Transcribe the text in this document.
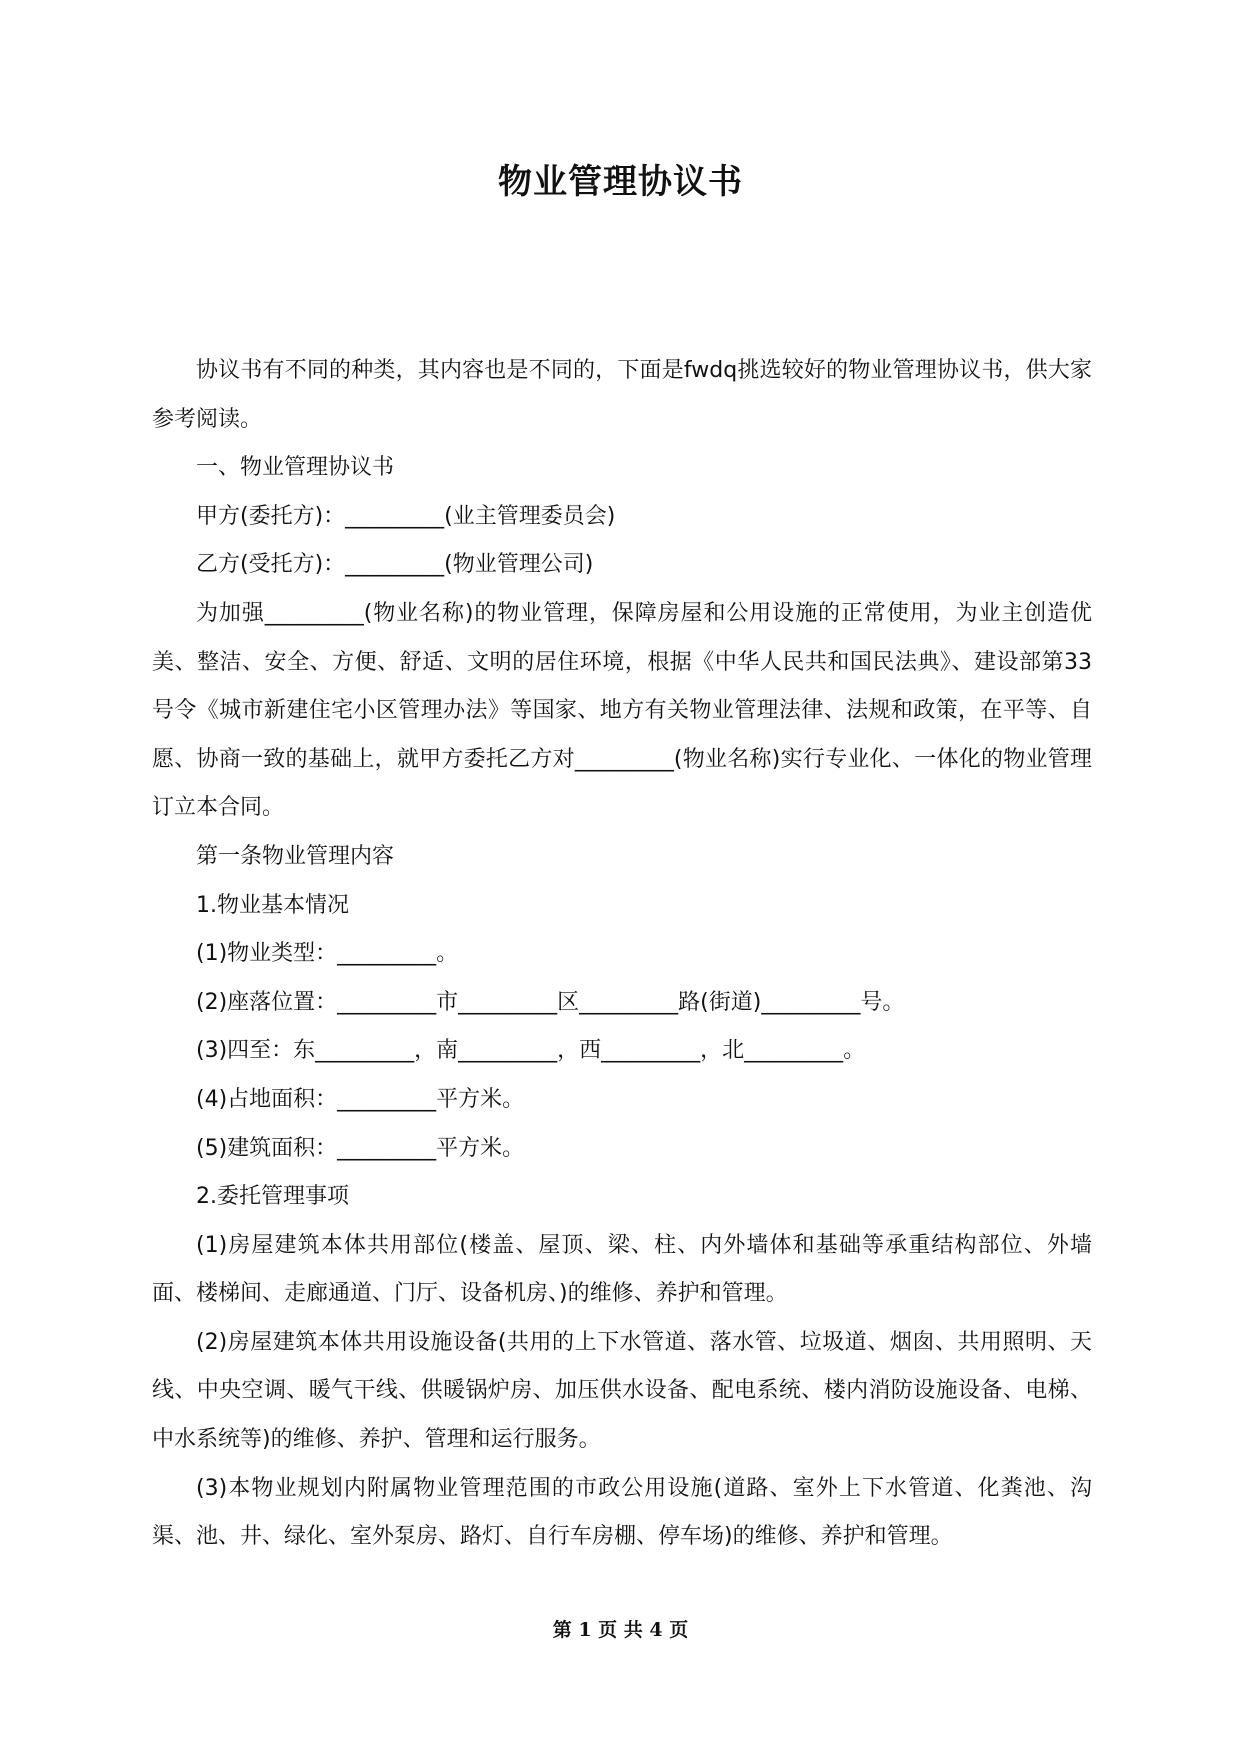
物业管理协议书

协议书有不同的种类，其内容也是不同的，下面是fwdq挑选较好的物业管理协议书，供大家参考阅读。

一、物业管理协议书

甲方(委托方)：_________(业主管理委员会)

乙方(受托方)：_________(物业管理公司)

为加强_________(物业名称)的物业管理，保障房屋和公用设施的正常使用，为业主创造优美、整洁、安全、方便、舒适、文明的居住环境，根据《中华人民共和国民法典》、建设部第33号令《城市新建住宅小区管理办法》等国家、地方有关物业管理法律、法规和政策，在平等、自愿、协商一致的基础上，就甲方委托乙方对_________(物业名称)实行专业化、一体化的物业管理订立本合同。

第一条物业管理内容

1.物业基本情况

(1)物业类型：_________。

(2)座落位置：_________市_________区_________路(街道)_________号。

(3)四至：东_________，南_________，西_________，北_________。

(4)占地面积：_________平方米。

(5)建筑面积：_________平方米。

2.委托管理事项

(1)房屋建筑本体共用部位(楼盖、屋顶、梁、柱、内外墙体和基础等承重结构部位、外墙面、楼梯间、走廊通道、门厅、设备机房、)的维修、养护和管理。

(2)房屋建筑本体共用设施设备(共用的上下水管道、落水管、垃圾道、烟囱、共用照明、天线、中央空调、暖气干线、供暖锅炉房、加压供水设备、配电系统、楼内消防设施设备、电梯、中水系统等)的维修、养护、管理和运行服务。

(3)本物业规划内附属物业管理范围的市政公用设施(道路、室外上下水管道、化粪池、沟渠、池、井、绿化、室外泵房、路灯、自行车房棚、停车场)的维修、养护和管理。

第 1 页 共 4 页
